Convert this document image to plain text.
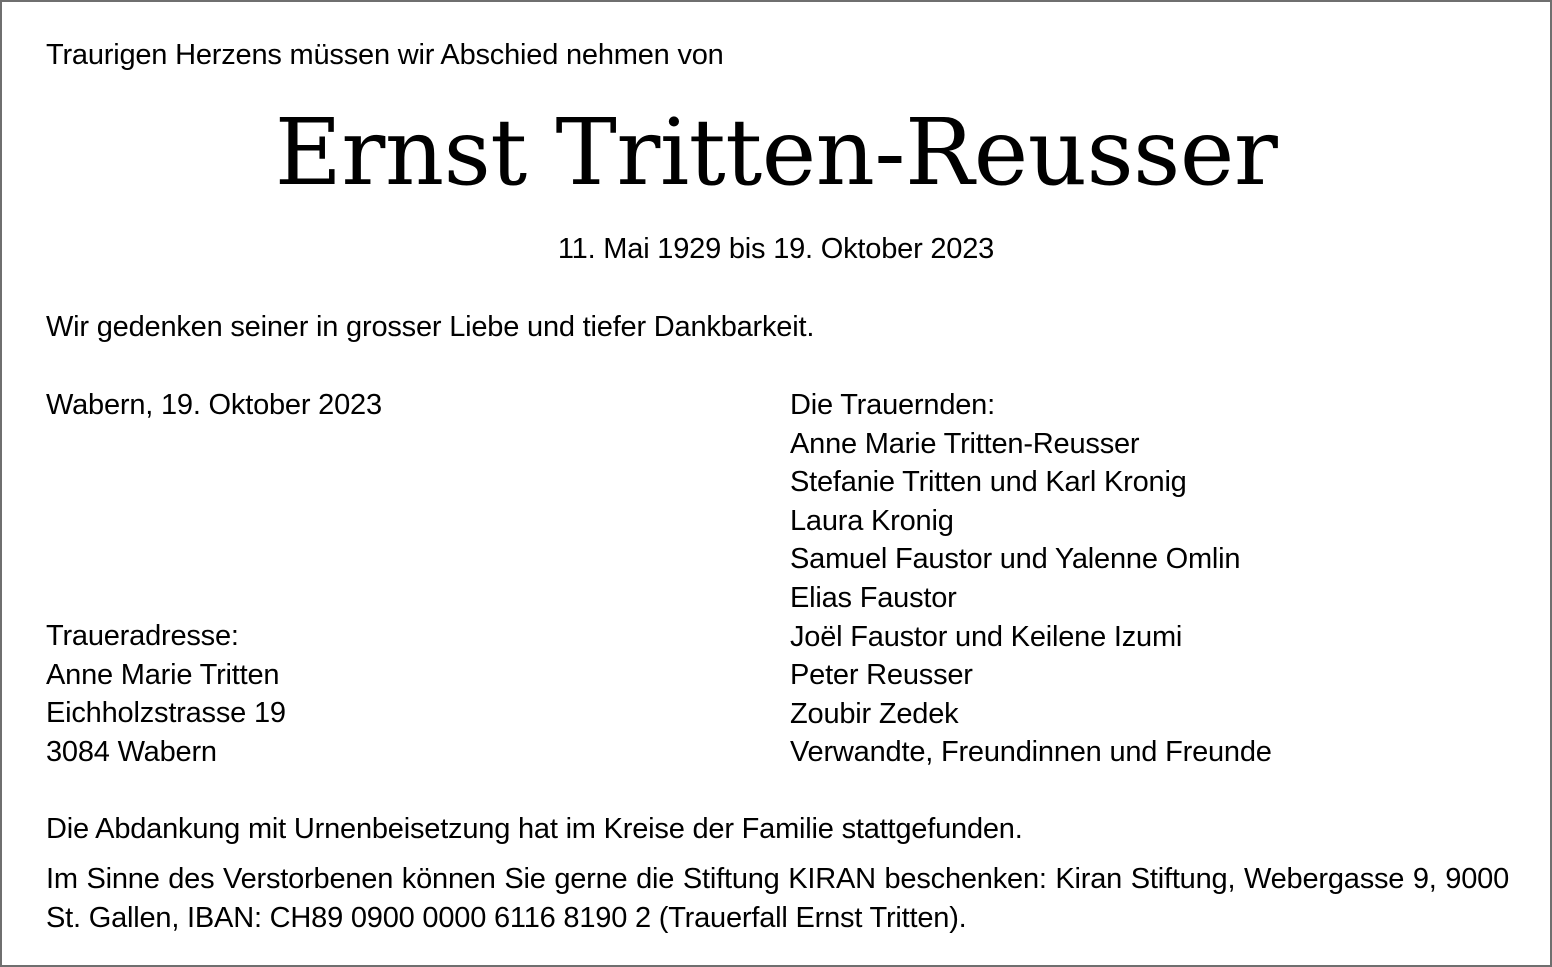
Traurigen Herzens müssen wir Abschied nehmen von
Ernst Tritten-Reusser
11. Mai 1929 bis 19. Oktober 2023
Wir gedenken seiner in grosser Liebe und tiefer Dankbarkeit.
Wabern, 19. Oktober 2023	Die Trauernden:
Anne Marie Tritten-Reusser
Stefanie Tritten und Karl Kronig
Laura Kronig
Samuel Faustor und Yalenne Omlin
Elias Faustor
Joël Faustor und Keilene Izumi
Peter Reusser
Zoubir Zedek
Verwandte, Freundinnen und Freunde
Traueradresse:
Anne Marie Tritten
Eichholzstrasse 19
3084 Wabern
Die Abdankung mit Urnenbeisetzung hat im Kreise der Familie stattgefunden.
Im Sinne des Verstorbenen können Sie gerne die Stiftung KIRAN beschenken: Kiran Stiftung, Webergasse 9, 9000 St. Gallen, IBAN: CH89 0900 0000 6116 8190 2 (Trauerfall Ernst Tritten).
